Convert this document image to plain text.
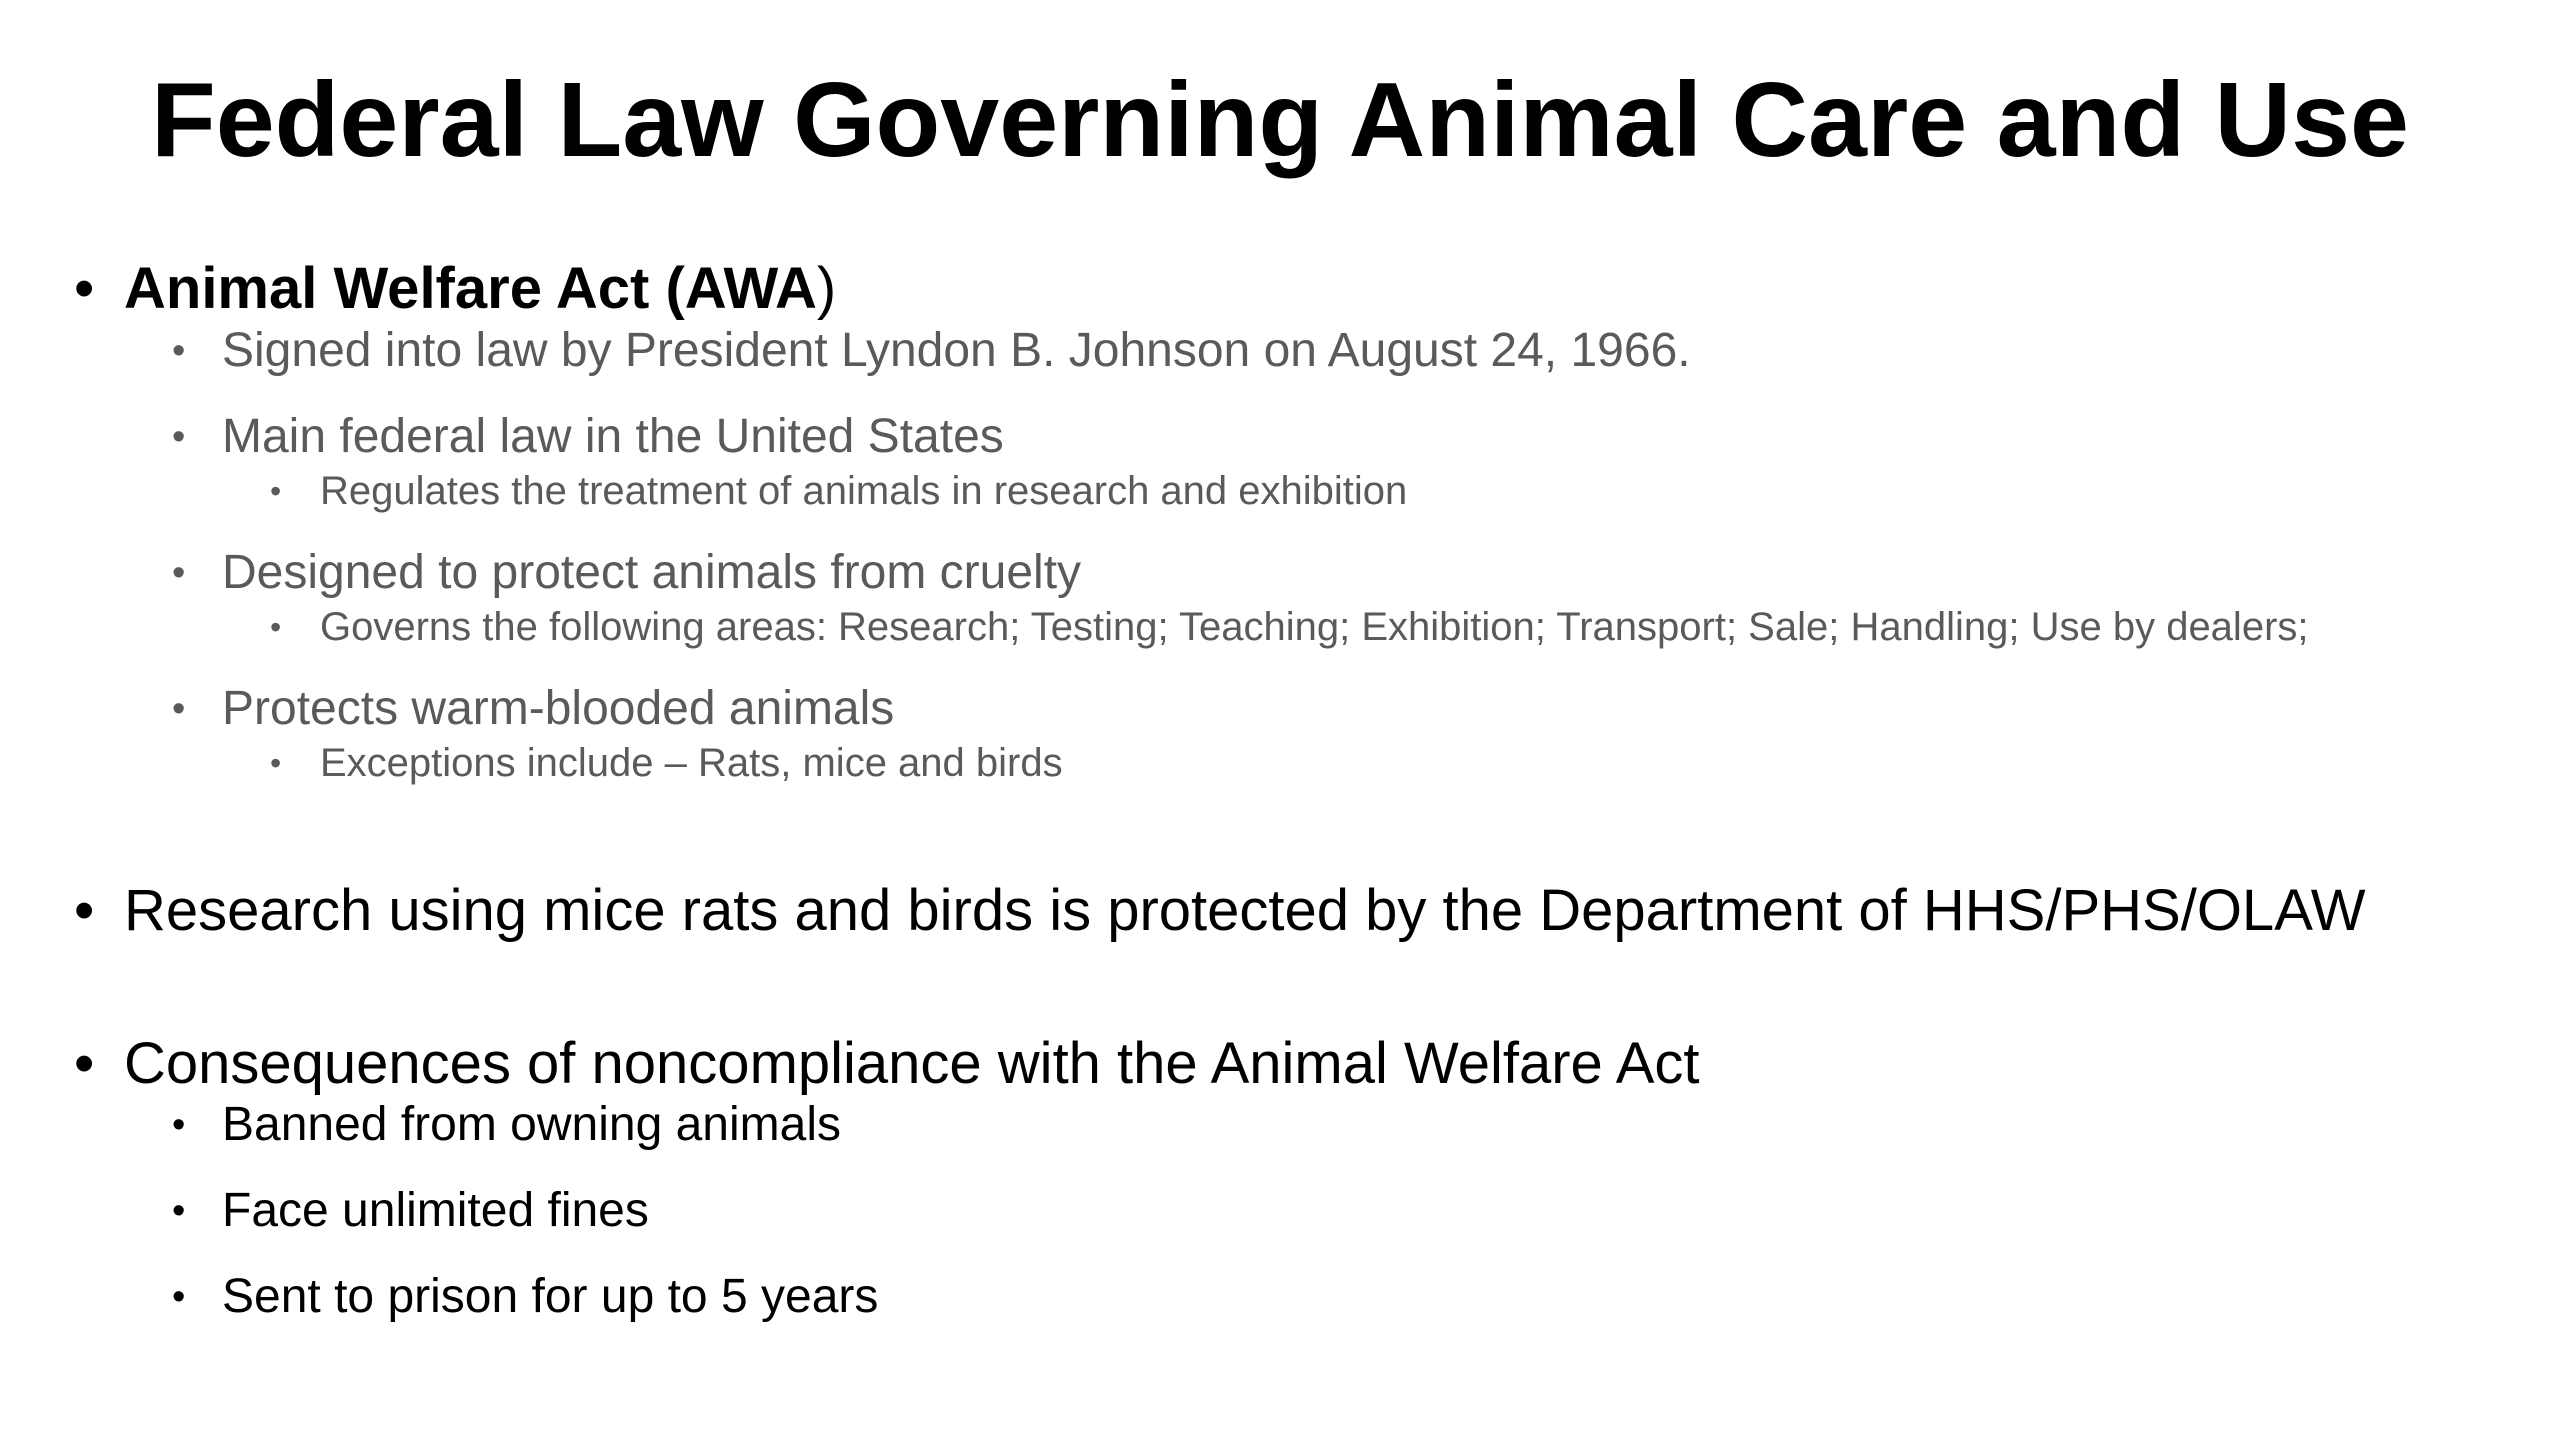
Federal Law Governing Animal Care and Use
• Animal Welfare Act (AWA)
• Signed into law by President Lyndon B. Johnson on August 24, 1966.
• Main federal law in the United States
• Regulates the treatment of animals in research and exhibition
• Designed to protect animals from cruelty
• Governs the following areas: Research; Testing; Teaching; Exhibition; Transport; Sale; Handling; Use by dealers;
• Protects warm-blooded animals
• Exceptions include – Rats, mice and birds
• Research using mice rats and birds is protected by the Department of HHS/PHS/OLAW
• Consequences of noncompliance with the Animal Welfare Act
• Banned from owning animals
• Face unlimited fines
• Sent to prison for up to 5 years
